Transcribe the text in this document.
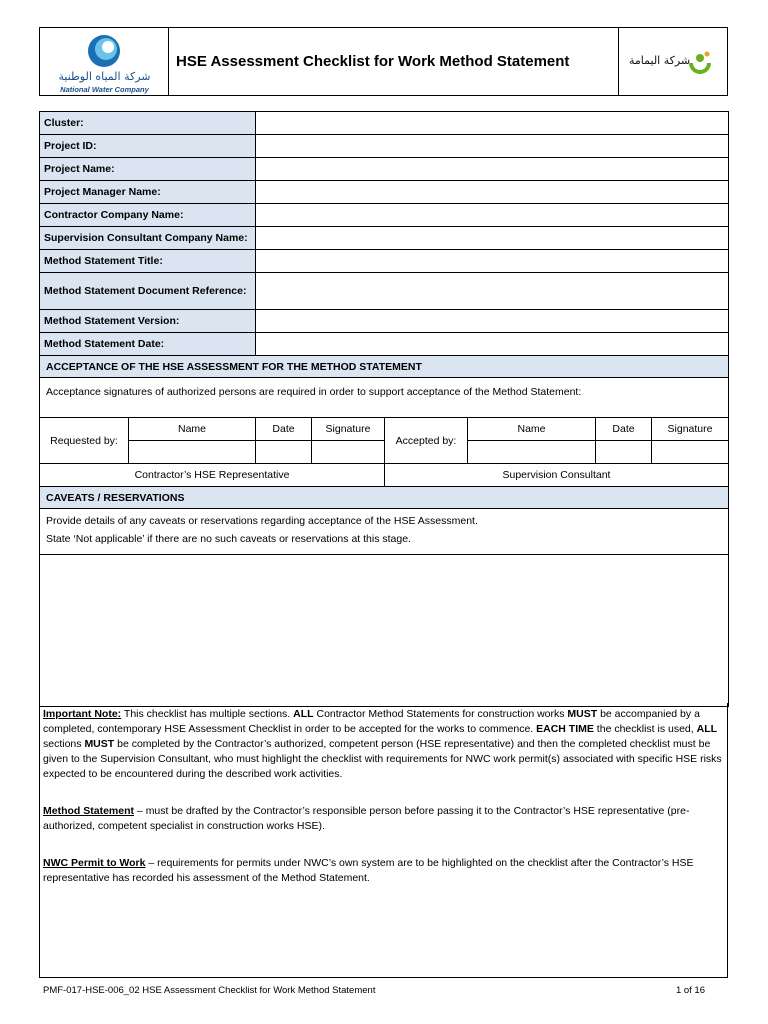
شركة المياه الوطنية
National Water Company
HSE Assessment Checklist for Work Method Statement	شركة اليمامة
Cluster:							
Project ID:							
Project Name:							
Project Manager Name:							
Contractor Company Name:							
Supervision Consultant Company Name:							
Method Statement Title:							
Method Statement Document Reference:							
Method Statement Version:							
Method Statement Date:							
ACCEPTANCE OF THE HSE ASSESSMENT FOR THE METHOD STATEMENT							
Acceptance signatures of authorized persons are required in order to support acceptance of the Method Statement:							
Requested by:	Name	Date	Signature	Accepted by:	Name	Date	Signature

Contractor’s HSE Representative				Supervision Consultant			
CAVEATS / RESERVATIONS							

Provide details of any caveats or reservations regarding acceptance of the HSE Assessment.
State ‘Not applicable’ if there are no such caveats or reservations at this stage.							

Important Note: This checklist has multiple sections. ALL Contractor Method Statements for construction works MUST be accompanied by a completed, contemporary HSE Assessment Checklist in order to be accepted for the works to commence. EACH TIME the checklist is used, ALL sections MUST be completed by the Contractor’s authorized, competent person (HSE representative) and then the completed checklist must be given to the Supervision Consultant, who must highlight the checklist with requirements for NWC work permit(s) associated with specific HSE risks expected to be encountered during the described work activities.

Method Statement – must be drafted by the Contractor’s responsible person before passing it to the Contractor’s HSE representative (pre-authorized, competent specialist in construction works HSE).

NWC Permit to Work – requirements for permits under NWC’s own system are to be highlighted on the checklist after the Contractor’s HSE representative has recorded his assessment of the Method Statement.

PMF-017-HSE-006_02 HSE Assessment Checklist for Work Method Statement	1 of 16
